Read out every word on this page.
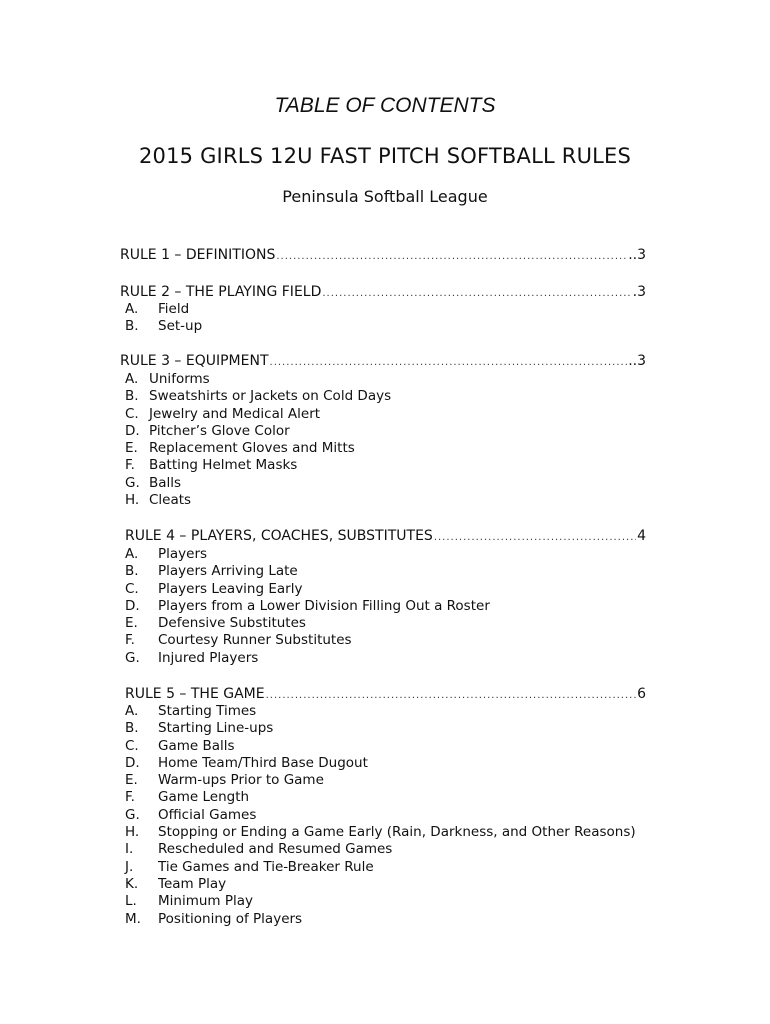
TABLE OF CONTENTS
2015 GIRLS 12U FAST PITCH SOFTBALL RULES
Peninsula Softball League
RULE 1 – DEFINITIONS .....	..3
RULE 2 – THE PLAYING FIELD .....	.3
A.	Field
B.	Set-up
RULE 3 – EQUIPMENT .....	..3
A. Uniforms
B. Sweatshirts or Jackets on Cold Days
C. Jewelry and Medical Alert
D. Pitcher’s Glove Color
E. Replacement Gloves and Mitts
F.	Batting Helmet Masks
G. Balls
H. Cleats
RULE 4 – PLAYERS, COACHES, SUBSTITUTES .....	4
A.	Players
B.	Players Arriving Late
C.	Players Leaving Early
D.	Players from a Lower Division Filling Out a Roster
E.	Defensive Substitutes
F.	Courtesy Runner Substitutes
G.	Injured Players
RULE 5 – THE GAME .....	6
A.	Starting Times
B.	Starting Line-ups
C.	Game Balls
D.	Home Team/Third Base Dugout
E.	Warm-ups Prior to Game
F.	Game Length
G.	Official Games
H.	Stopping or Ending a Game Early (Rain, Darkness, and Other Reasons)
I.	Rescheduled and Resumed Games
J.	Tie Games and Tie-Breaker Rule
K.	Team Play
L.	Minimum Play
M.	Positioning of Players
